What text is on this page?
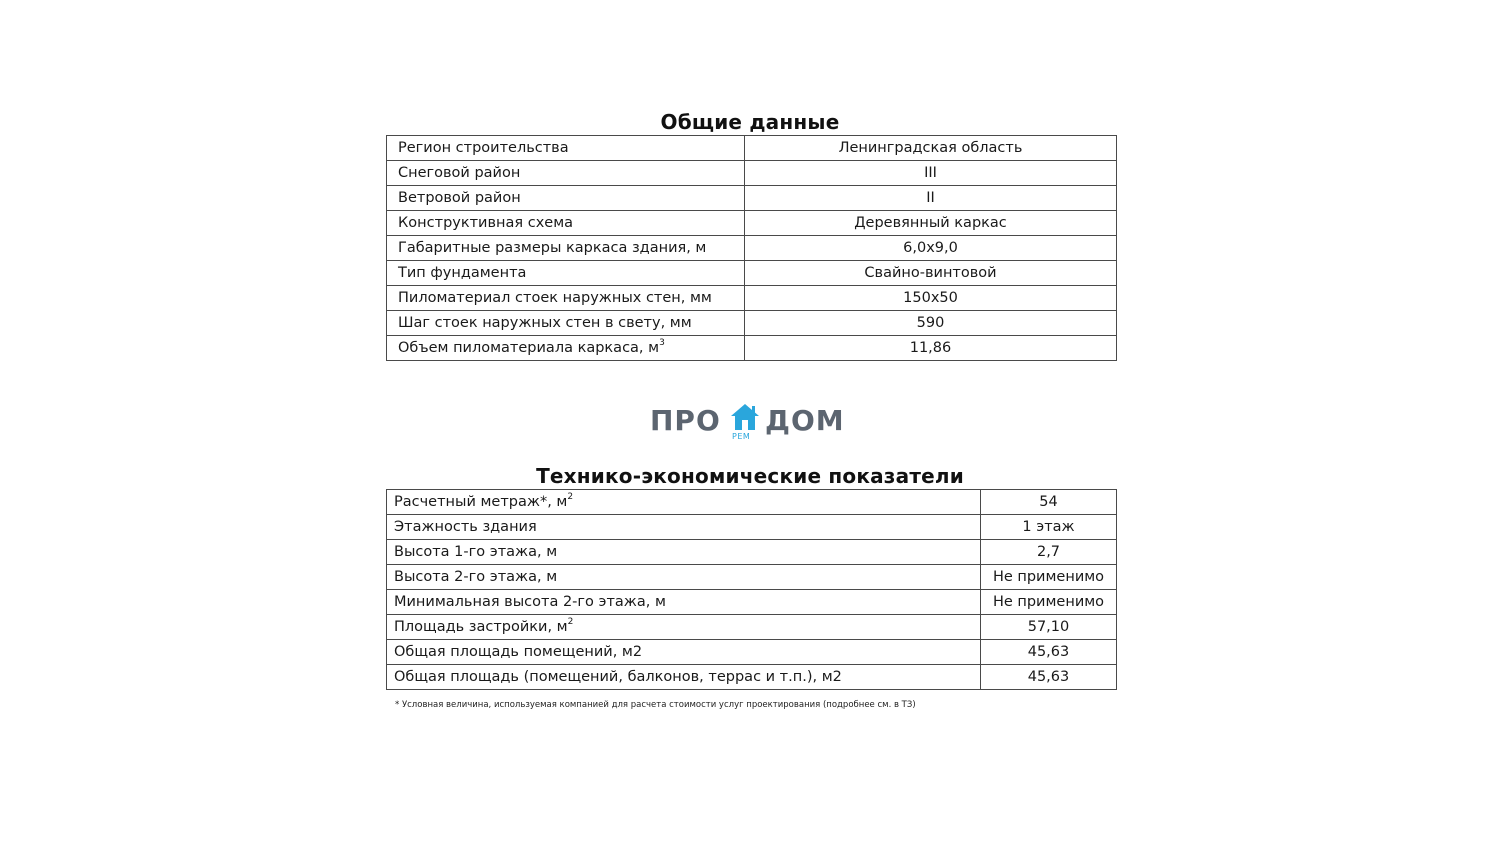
Общие данные
Регион строительства	Ленинградская область
Снеговой район	III
Ветровой район	II
Конструктивная схема	Деревянный каркас
Габаритные размеры каркаса здания, м	6,0х9,0
Тип фундамента	Свайно-винтовой
Пиломатериал стоек наружных стен, мм	150х50
Шаг стоек наружных стен в свету, мм	590
Объем пиломатериала каркаса, $м^3$	11,86
ПРО РЕМ ДОМ
Технико-экономические показатели
Расчетный метраж*, $м^2$	54
Этажность здания	1 этаж
Высота 1-го этажа, м	2,7
Высота 2-го этажа, м	Не применимо
Минимальная высота 2-го этажа, м	Не применимо
Площадь застройки, $м^2$	57,10
Общая площадь помещений, м2	45,63
Общая площадь (помещений, балконов, террас и т.п.), м2	45,63
* Условная величина, используемая компанией для расчета стоимости услуг проектирования (подробнее см. в ТЗ)
